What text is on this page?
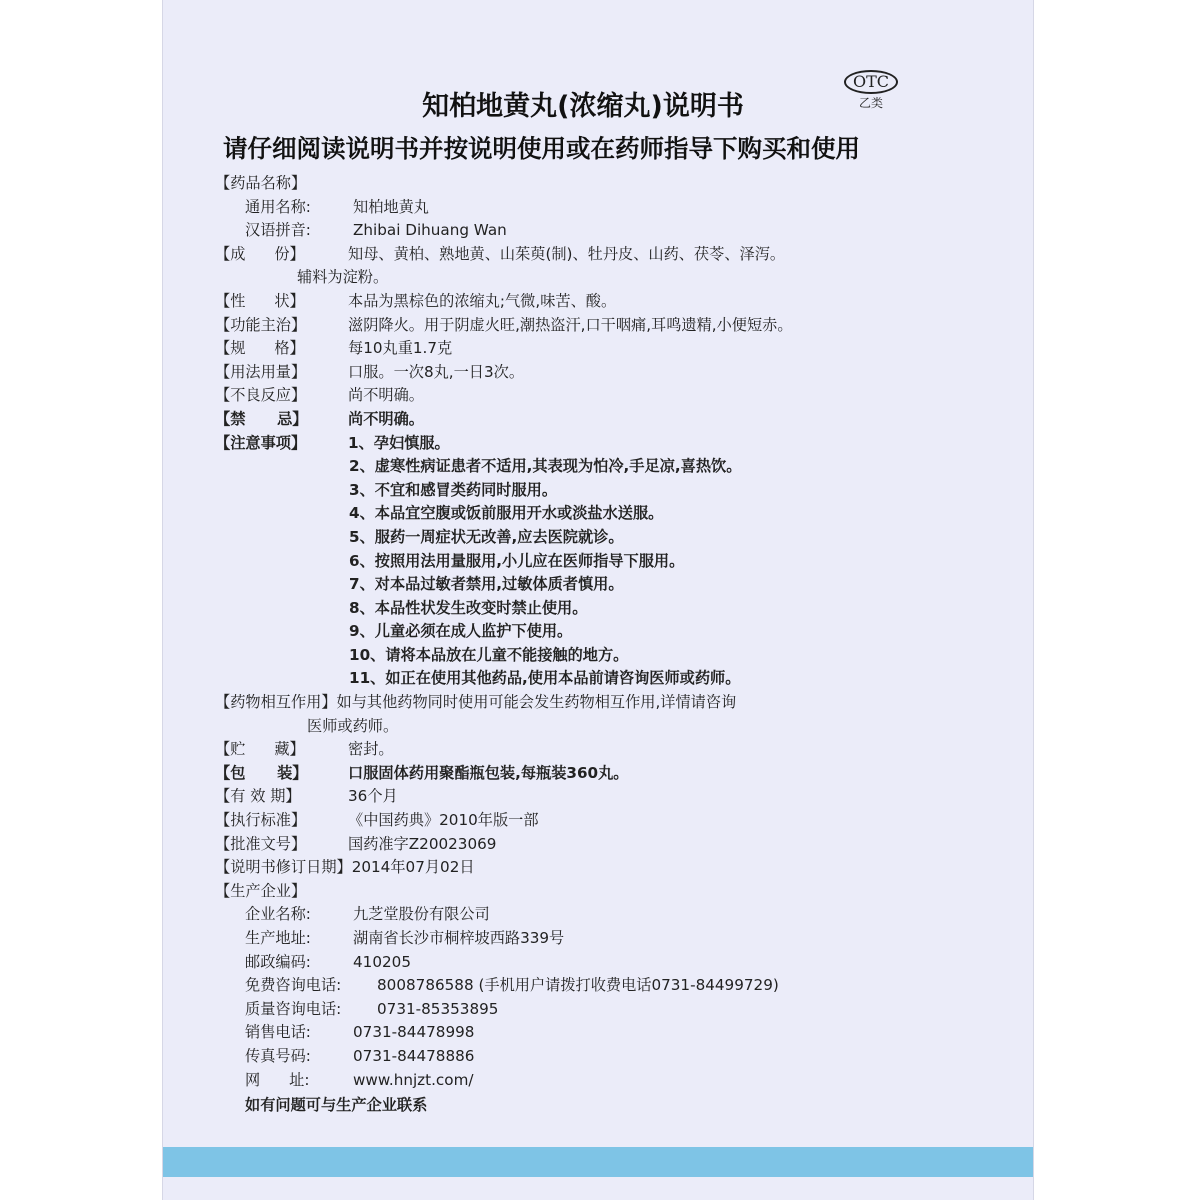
OTC
乙类
知柏地黄丸(浓缩丸)说明书
请仔细阅读说明书并按说明使用或在药师指导下购买和使用
【药品名称】
通用名称:	知柏地黄丸
汉语拼音:	Zhibai Dihuang Wan
【成      份】	知母、黄柏、熟地黄、山茱萸(制)、牡丹皮、山药、茯苓、泽泻。
辅料为淀粉。
【性      状】	本品为黑棕色的浓缩丸;气微,味苦、酸。
【功能主治】	滋阴降火。用于阴虚火旺,潮热盗汗,口干咽痛,耳鸣遗精,小便短赤。
【规      格】	每10丸重1.7克
【用法用量】	口服。一次8丸,一日3次。
【不良反应】	尚不明确。
【禁      忌】	尚不明确。
【注意事项】	1、孕妇慎服。
2、虚寒性病证患者不适用,其表现为怕冷,手足凉,喜热饮。
3、不宜和感冒类药同时服用。
4、本品宜空腹或饭前服用开水或淡盐水送服。
5、服药一周症状无改善,应去医院就诊。
6、按照用法用量服用,小儿应在医师指导下服用。
7、对本品过敏者禁用,过敏体质者慎用。
8、本品性状发生改变时禁止使用。
9、儿童必须在成人监护下使用。
10、请将本品放在儿童不能接触的地方。
11、如正在使用其他药品,使用本品前请咨询医师或药师。
【药物相互作用】 如与其他药物同时使用可能会发生药物相互作用,详情请咨询
医师或药师。
【贮      藏】	密封。
【包      装】	口服固体药用聚酯瓶包装,每瓶装360丸。
【有 效 期】	36个月
【执行标准】	《中国药典》2010年版一部
【批准文号】	国药准字Z20023069
【说明书修订日期】 2014年07月02日
【生产企业】
企业名称:	九芝堂股份有限公司
生产地址:	湖南省长沙市桐梓坡西路339号
邮政编码:	410205
免费咨询电话:	8008786588 (手机用户请拨打收费电话0731-84499729)
质量咨询电话:	0731-85353895
销售电话:	0731-84478998
传真号码:	0731-84478886
网      址:	www.hnjzt.com/
如有问题可与生产企业联系
